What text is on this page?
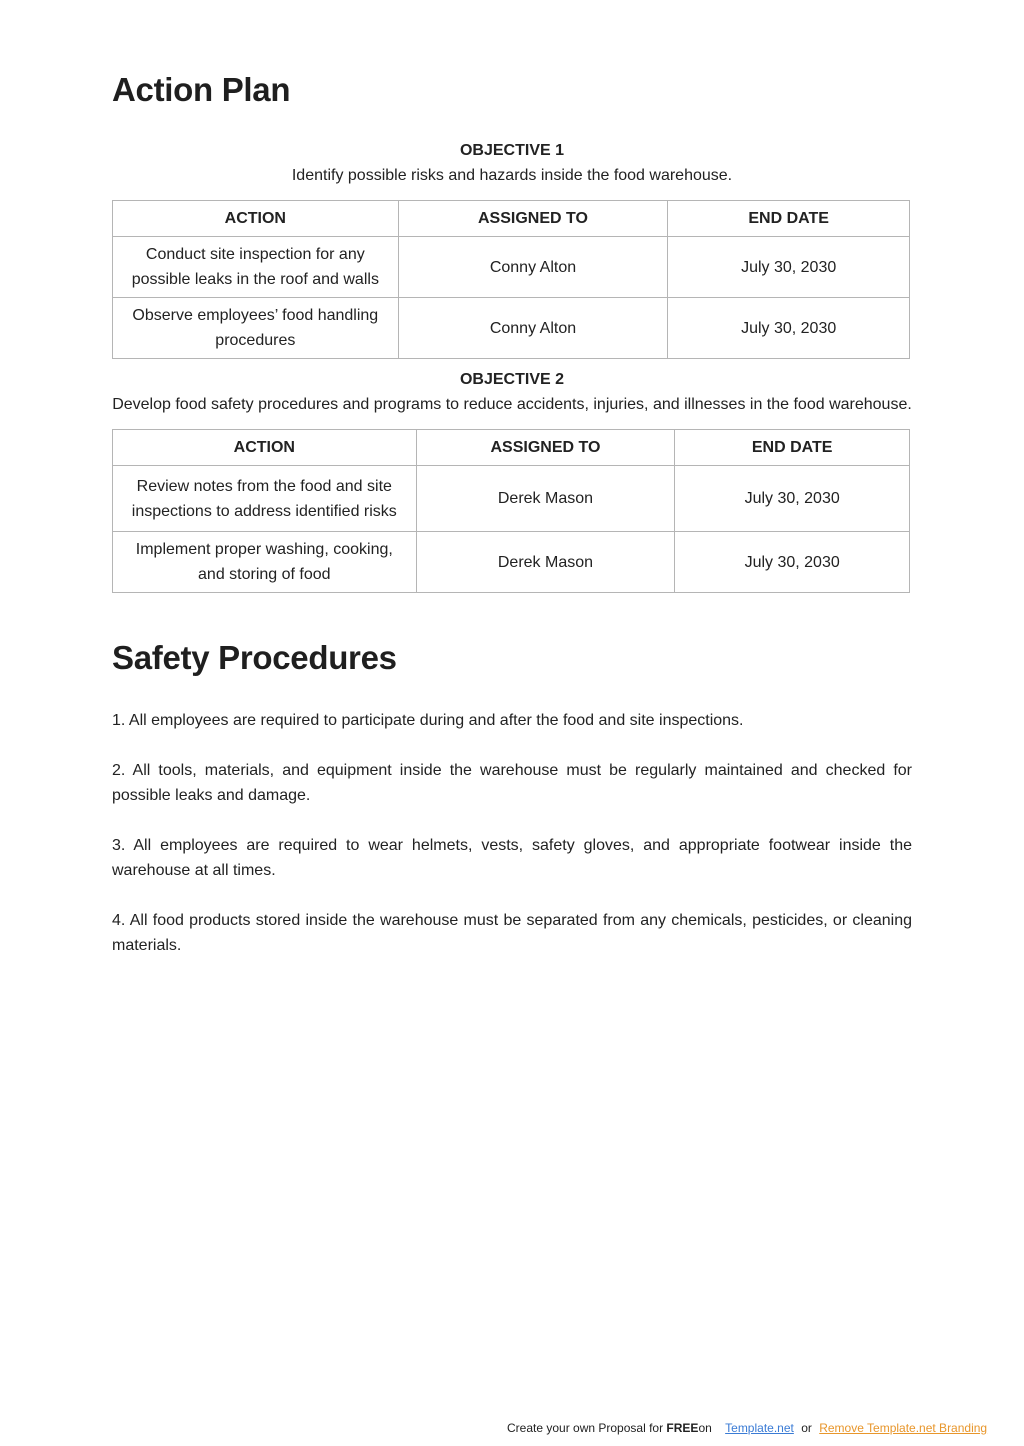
Action Plan
OBJECTIVE 1
Identify possible risks and hazards inside the food warehouse.
ACTION	ASSIGNED TO	END DATE
Conduct site inspection for any possible leaks in the roof and walls	Conny Alton	July 30, 2030
Observe employees’ food handling procedures	Conny Alton	July 30, 2030
OBJECTIVE 2
Develop food safety procedures and programs to reduce accidents, injuries, and illnesses in the food warehouse.
ACTION	ASSIGNED TO	END DATE
Review notes from the food and site inspections to address identified risks	Derek Mason	July 30, 2030
Implement proper washing, cooking, and storing of food	Derek Mason	July 30, 2030
Safety Procedures

1. All employees are required to participate during and after the food and site inspections.

2. All tools, materials, and equipment inside the warehouse must be regularly maintained and checked for possible leaks and damage.

3. All employees are required to wear helmets, vests, safety gloves, and appropriate footwear inside the warehouse at all times.

4. All food products stored inside the warehouse must be separated from any chemicals, pesticides, or cleaning materials.

Create your own Proposal for FREEon Template.net or Remove Template.net Branding
